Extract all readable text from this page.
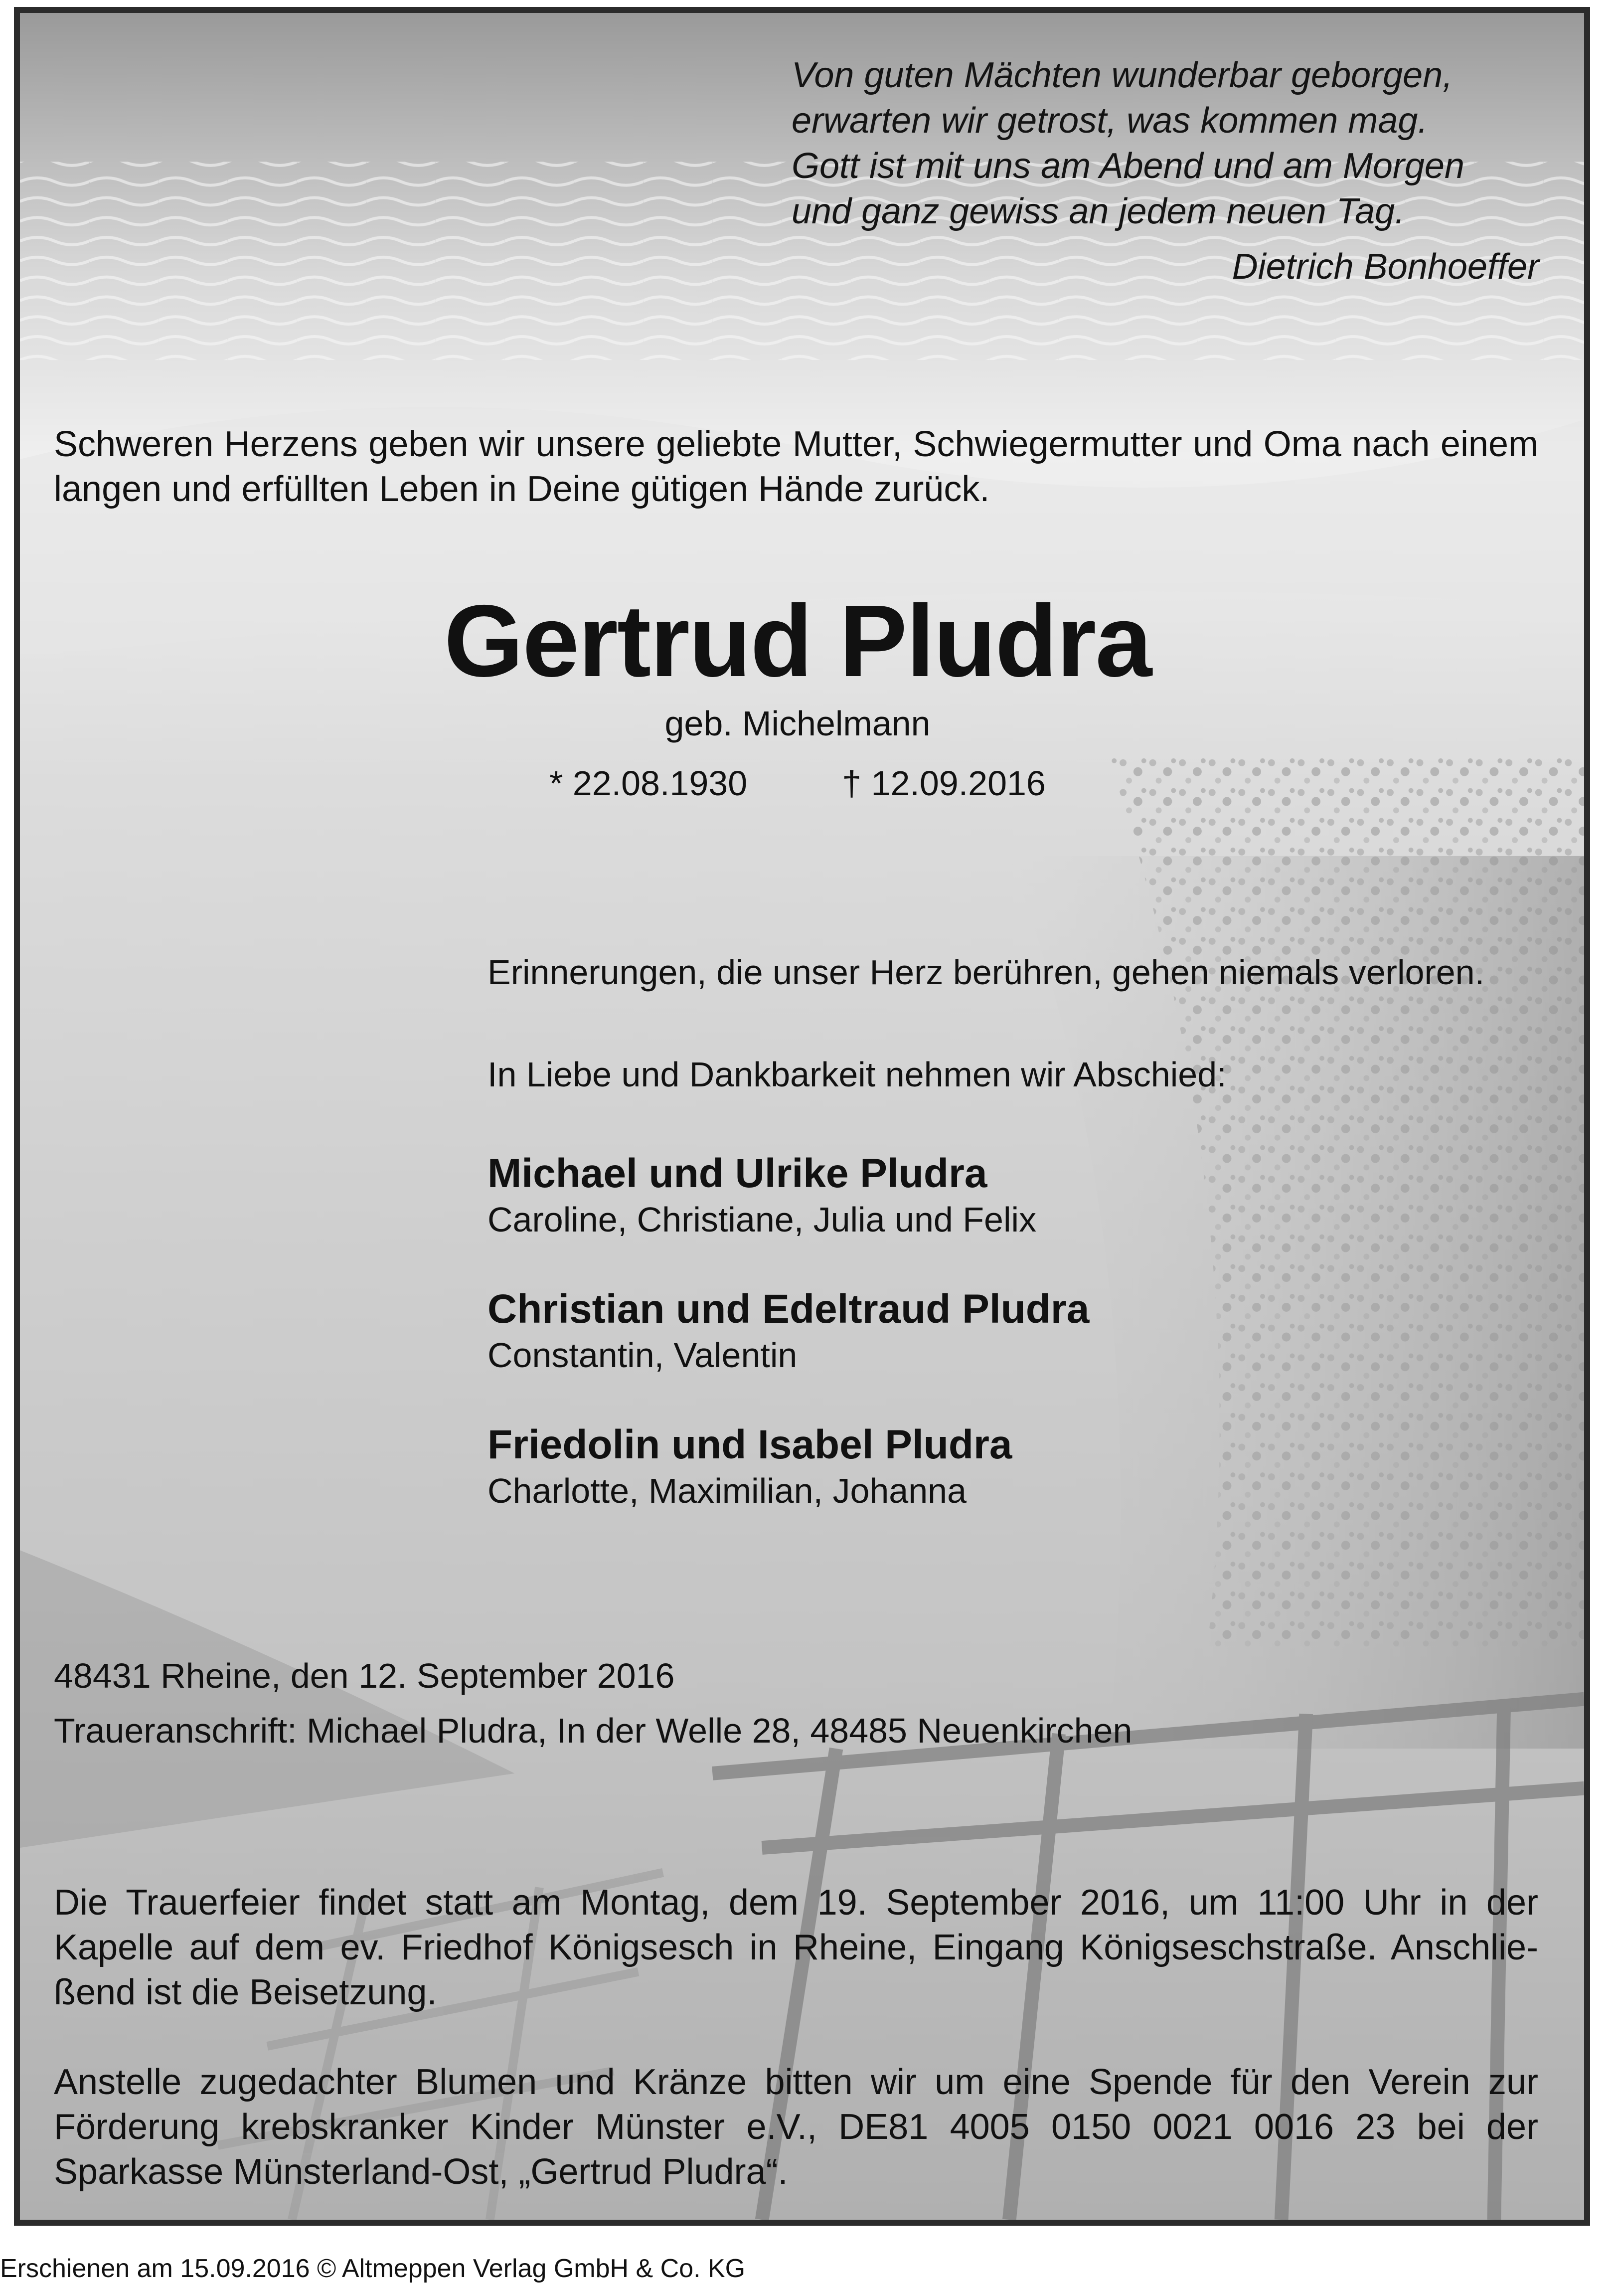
Von guten Mächten wunderbar geborgen,
erwarten wir getrost, was kommen mag.
Gott ist mit uns am Abend und am Morgen
und ganz gewiss an jedem neuen Tag.
Dietrich Bonhoeffer
Schweren Herzens geben wir unsere geliebte Mutter, Schwiegermutter und Oma nach einem langen und erfüllten Leben in Deine gütigen Hände zurück.
Gertrud Pludra
geb. Michelmann
* 22.08.1930	† 12.09.2016
Erinnerungen, die unser Herz berühren, gehen niemals verloren.
In Liebe und Dankbarkeit nehmen wir Abschied:
Michael und Ulrike Pludra
Caroline, Christiane, Julia und Felix
Christian und Edeltraud Pludra
Constantin, Valentin
Friedolin und Isabel Pludra
Charlotte, Maximilian, Johanna
48431 Rheine, den 12. September 2016
Traueranschrift: Michael Pludra, In der Welle 28, 48485 Neuenkirchen
Die Trauerfeier findet statt am Montag, dem 19. September 2016, um 11:00 Uhr in der Kapelle auf dem ev. Friedhof Königsesch in Rheine, Eingang Königseschstraße. Anschließend ist die Beisetzung.
Anstelle zugedachter Blumen und Kränze bitten wir um eine Spende für den Verein zur Förderung krebskranker Kinder Münster e.V., DE81 4005 0150 0021 0016 23 bei der Sparkasse Münsterland-Ost, „Gertrud Pludra“.
Erschienen am 15.09.2016 © Altmeppen Verlag GmbH & Co. KG
